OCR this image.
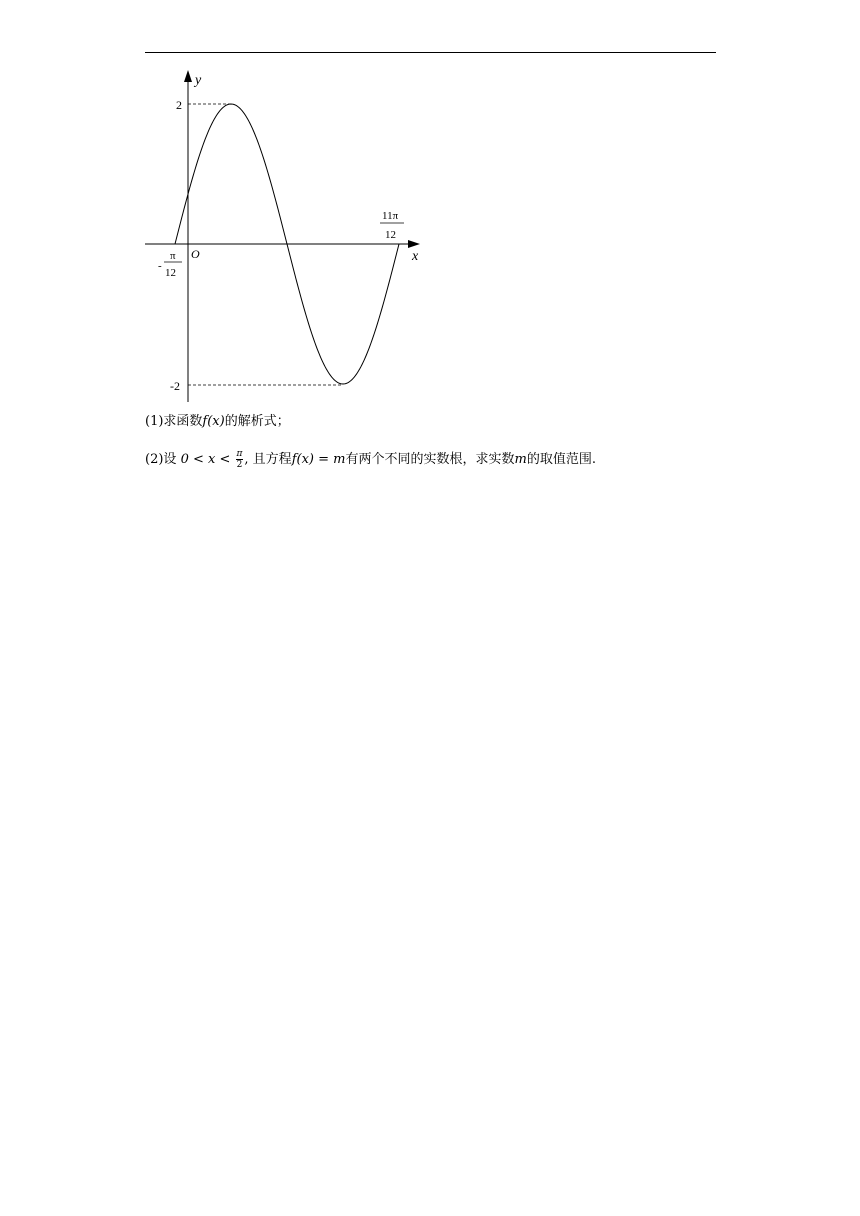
y
x
O
2
-2
-
π
12
11π
12
(1)求函数f(x)的解析式；
(2)设 $0 < x < \frac{\pi}{2}$ , 且方程f(x) = m有两个不同的实数根，求实数m的取值范围.
